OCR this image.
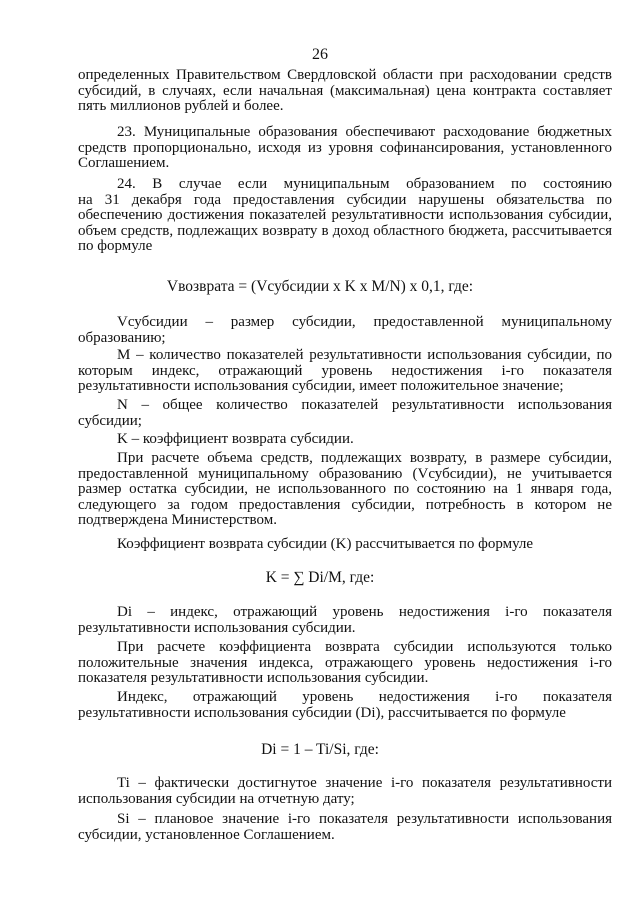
26

определенных Правительством Свердловской области при расходовании средств субсидий, в случаях, если начальная (максимальная) цена контракта составляет пять миллионов рублей и более.

23. Муниципальные образования обеспечивают расходование бюджетных средств пропорционально, исходя из уровня софинансирования, установленного Соглашением.

24. В случае если муниципальным образованием по состоянию

на 31 декабря года предоставления субсидии нарушены обязательства по обеспечению достижения показателей результативности использования субсидии, объем средств, подлежащих возврату в доход областного бюджета, рассчитывается по формуле

Vвозврата = (Vсубсидии х K х M/N) х 0,1, где:

Vсубсидии – размер субсидии, предоставленной муниципальному образованию;

М – количество показателей результативности использования субсидии, по которым индекс, отражающий уровень недостижения i-го показателя результативности использования субсидии, имеет положительное значение;

N – общее количество показателей результативности использования субсидии;

K – коэффициент возврата субсидии.

При расчете объема средств, подлежащих возврату, в размере субсидии, предоставленной муниципальному образованию (Vсубсидии), не учитывается размер остатка субсидии, не использованного по состоянию на 1 января года, следующего за годом предоставления субсидии, потребность в котором не подтверждена Министерством.

Коэффициент возврата субсидии (K) рассчитывается по формуле

K = ∑ Di/M, где:

Di – индекс, отражающий уровень недостижения i-го показателя результативности использования субсидии.

При расчете коэффициента возврата субсидии используются только положительные значения индекса, отражающего уровень недостижения i-го показателя результативности использования субсидии.

Индекс, отражающий уровень недостижения i-го показателя результативности использования субсидии (Di), рассчитывается по формуле

Di = 1 – Ti/Si, где:

Ti – фактически достигнутое значение i-го показателя результативности использования субсидии на отчетную дату;

Si – плановое значение i-го показателя результативности использования субсидии, установленное Соглашением.
